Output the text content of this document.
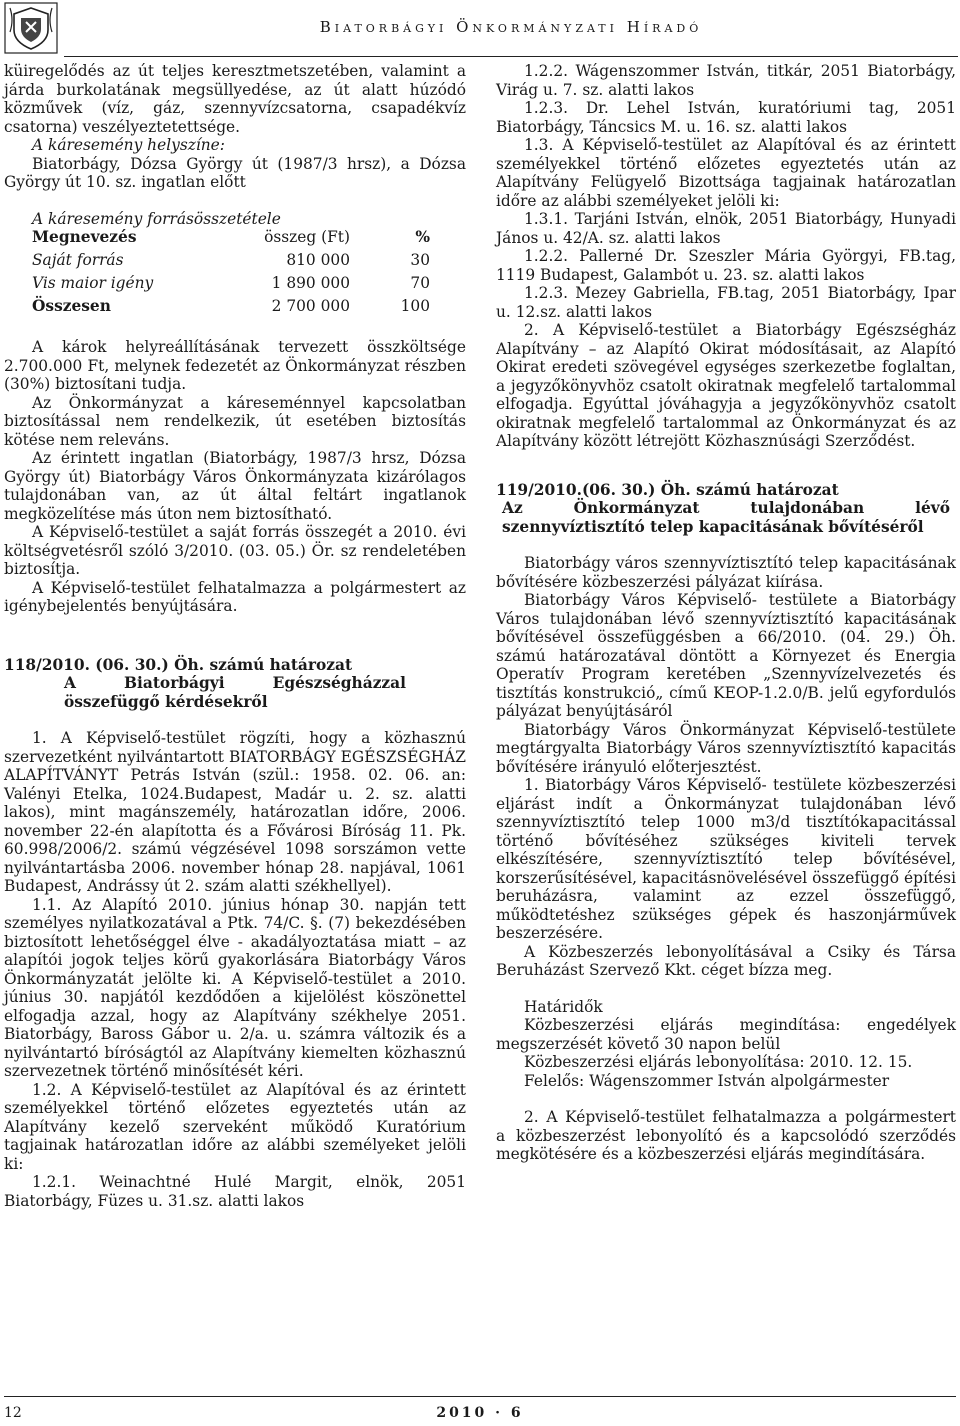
Biatorbágyi Önkormányzati Híradó

küiregelődés az út teljes keresztmetszetében, valamint a járda burkolatának megsüllyedése, az út alatt húzódó közművek (víz, gáz, szennyvízcsatorna, csapadékvíz csatorna) veszélyeztetettsége.

A káresemény helyszíne:

Biatorbágy, Dózsa György út (1987/3 hrsz), a Dózsa György út 10. sz. ingatlan előtt

A káresemény forrásösszetétele

Megnevezés	összeg (Ft)	%
Saját forrás	810 000	30
Vis maior igény	1 890 000	70
Összesen	2 700 000	100

A károk helyreállításának tervezett összköltsége 2.700.000 Ft, melynek fedezetét az Önkormányzat részben (30%) biztosítani tudja.

Az Önkormányzat a káreseménnyel kapcsolatban biztosítással nem rendelkezik, út esetében biztosítás kötése nem releváns.

Az érintett ingatlan (Biatorbágy, 1987/3 hrsz, Dózsa György út) Biatorbágy Város Önkormányzata kizárólagos tulajdonában van, az út által feltárt ingatlanok megközelítése más úton nem biztosítható.

A Képviselő-testület a saját forrás összegét a 2010. évi költségvetésről szóló 3/2010. (03. 05.) Ör. sz rendeletében biztosítja.

A Képviselő-testület felhatalmazza a polgármestert az igénybejelentés benyújtására.

118/2010. (06. 30.) Öh. számú határozat

A Biatorbágyi Egészségházzal összefüggő kérdésekről

1. A Képviselő-testület rögzíti, hogy a közhasznú szervezetként nyilvántartott BIATORBÁGY EGÉSZSÉGHÁZ ALAPÍTVÁNYT Petrás István (szül.: 1958. 02. 06. an: Valényi Etelka, 1024.Budapest, Madár u. 2. sz. alatti lakos), mint magánszemély, határozatlan időre, 2006. november 22-én alapította és a Fővárosi Bíróság 11. Pk. 60.998/2006/2. számú végzésével 1098 sorszámon vette nyilvántartásba 2006. november hónap 28. napjával, 1061 Budapest, Andrássy út 2. szám alatti székhellyel).

1.1. Az Alapító 2010. június hónap 30. napján tett személyes nyilatkozatával a Ptk. 74/C. §. (7) bekezdésében biztosított lehetőséggel élve - akadályoztatása miatt – az alapítói jogok teljes körű gyakorlására Biatorbágy Város Önkormányzatát jelölte ki. A Képviselő-testület a 2010. június 30. napjától kezdődően a kijelölést köszönettel elfogadja azzal, hogy az Alapítvány székhelye 2051. Biatorbágy, Baross Gábor u. 2/a. u. számra változik és a nyilvántartó bíróságtól az Alapítvány kiemelten közhasznú szervezetnek történő minősítését kéri.

1.2. A Képviselő-testület az Alapítóval és az érintett személyekkel történő előzetes egyeztetés után az Alapítvány kezelő szerveként működő Kuratórium tagjainak határozatlan időre az alábbi személyeket jelöli ki:

1.2.1. Weinachtné Hulé Margit, elnök, 2051 Biatorbágy, Füzes u. 31.sz. alatti lakos

1.2.2. Wágenszommer István, titkár, 2051 Biatorbágy, Virág u. 7. sz. alatti lakos

1.2.3. Dr. Lehel István, kuratóriumi tag, 2051 Biatorbágy, Táncsics M. u. 16. sz. alatti lakos

1.3. A Képviselő-testület az Alapítóval és az érintett személyekkel történő előzetes egyeztetés után az Alapítvány Felügyelő Bizottsága tagjainak határozatlan időre az alábbi személyeket jelöli ki:

1.3.1. Tarjáni István, elnök, 2051 Biatorbágy, Hunyadi János u. 42/A. sz. alatti lakos

1.2.2. Pallerné Dr. Szeszler Mária Györgyi, FB.tag, 1119 Budapest, Galambót u. 23. sz. alatti lakos

1.2.3. Mezey Gabriella, FB.tag, 2051 Biatorbágy, Ipar u. 12.sz. alatti lakos

2. A Képviselő-testület a Biatorbágy Egészségház Alapítvány – az Alapító Okirat módosításait, az Alapító Okirat eredeti szövegével egységes szerkezetbe foglaltan, a jegyzőkönyvhöz csatolt okiratnak megfelelő tartalommal elfogadja. Egyúttal jóváhagyja a jegyzőkönyvhöz csatolt okiratnak megfelelő tartalommal az Önkormányzat és az Alapítvány között létrejött Közhasznúsági Szerződést.

119/2010.(06. 30.) Öh. számú határozat

Az Önkormányzat tulajdonában lévő szennyvíztisztító telep kapacitásának bővítéséről

Biatorbágy város szennyvíztisztító telep kapacitásának bővítésére közbeszerzési pályázat kiírása.

Biatorbágy Város Képviselő- testülete a Biatorbágy Város tulajdonában lévő szennyvíztisztító kapacitásának bővítésével összefüggésben a 66/2010. (04. 29.) Öh. számú határozatával döntött a Környezet és Energia Operatív Program keretében „Szennyvízelvezetés és tisztítás konstrukció„ című KEOP-1.2.0/B. jelű egyfordulós pályázat benyújtásáról

Biatorbágy Város Önkormányzat Képviselő-testülete megtárgyalta Biatorbágy Város szennyvíztisztító kapacitás bővítésére irányuló előterjesztést.

1. Biatorbágy Város Képviselő- testülete közbeszerzési eljárást indít a Önkormányzat tulajdonában lévő szennyvíztisztító telep 1000 m3/d tisztítókapacitással történő bővítéséhez szükséges kiviteli tervek elkészítésére, szennyvíztisztító telep bővítésével, korszerűsítésével, kapacitásnövelésével összefüggő építési beruházásra, valamint az ezzel összefüggő, működtetéshez szükséges gépek és haszonjárművek beszerzésére.

A Közbeszerzés lebonyolításával a Csiky és Társa Beruházást Szervező Kkt. céget bízza meg.

Határidők

Közbeszerzési eljárás megindítása: engedélyek megszerzését követő 30 napon belül

Közbeszerzési eljárás lebonyolítása: 2010. 12. 15.

Felelős: Wágenszommer István alpolgármester

2. A Képviselő-testület felhatalmazza a polgármestert a közbeszerzést lebonyolító és a kapcsolódó szerződés megkötésére és a közbeszerzési eljárás megindítására.

12	2010 · 6
